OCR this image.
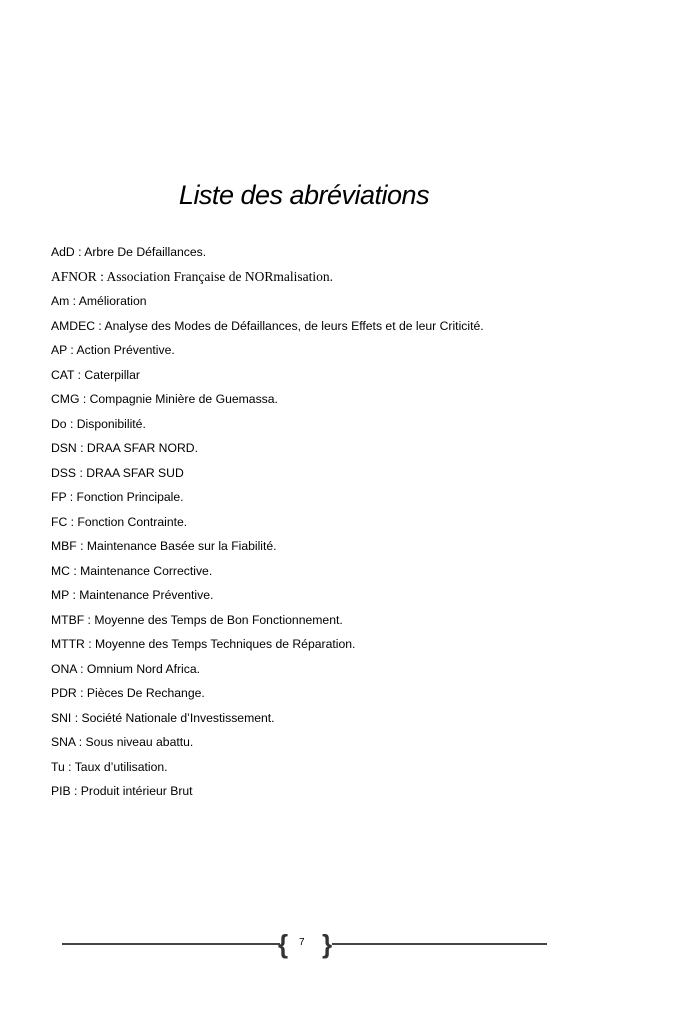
Liste des abréviations
AdD : Arbre De Défaillances.
AFNOR : Association Française de NORmalisation.
Am : Amélioration
AMDEC : Analyse des Modes de Défaillances, de leurs Effets et de leur Criticité.
AP : Action Préventive.
CAT : Caterpillar
CMG : Compagnie Minière de Guemassa.
Do : Disponibilité.
DSN : DRAA SFAR NORD.
DSS : DRAA SFAR SUD
FP : Fonction Principale.
FC : Fonction Contrainte.
MBF : Maintenance Basée sur la Fiabilité.
MC : Maintenance Corrective.
MP : Maintenance Préventive.
MTBF : Moyenne des Temps de Bon Fonctionnement.
MTTR : Moyenne des Temps Techniques de Réparation.
ONA : Omnium Nord Africa.
PDR : Pièces De Rechange.
SNI : Société Nationale d’Investissement.
SNA : Sous niveau abattu.
Tu : Taux d’utilisation.
PIB : Produit intérieur Brut
{ 7 }
